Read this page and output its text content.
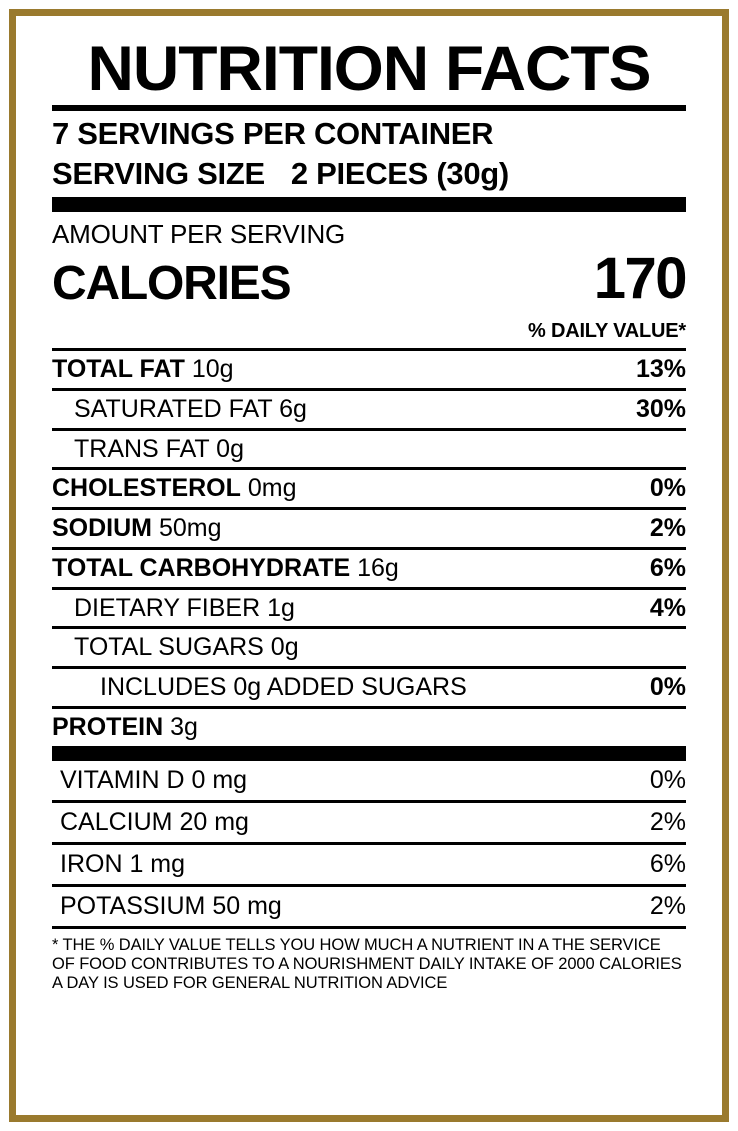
NUTRITION FACTS
7 SERVINGS PER CONTAINER
SERVING SIZE 2 PIECES (30g)
AMOUNT PER SERVING
CALORIES	170
% DAILY VALUE*
TOTAL FAT 10g	13%
SATURATED FAT 6g	30%
TRANS FAT 0g
CHOLESTEROL 0mg	0%
SODIUM 50mg	2%
TOTAL CARBOHYDRATE 16g	6%
DIETARY FIBER 1g	4%
TOTAL SUGARS 0g
INCLUDES 0g ADDED SUGARS	0%
PROTEIN 3g
VITAMIN D 0 mg	0%
CALCIUM 20 mg	2%
IRON 1 mg	6%
POTASSIUM 50 mg	2%
* THE % DAILY VALUE TELLS YOU HOW MUCH A NUTRIENT IN A THE SERVICE OF FOOD CONTRIBUTES TO A NOURISHMENT DAILY INTAKE OF 2000 CALORIES A DAY IS USED FOR GENERAL NUTRITION ADVICE
